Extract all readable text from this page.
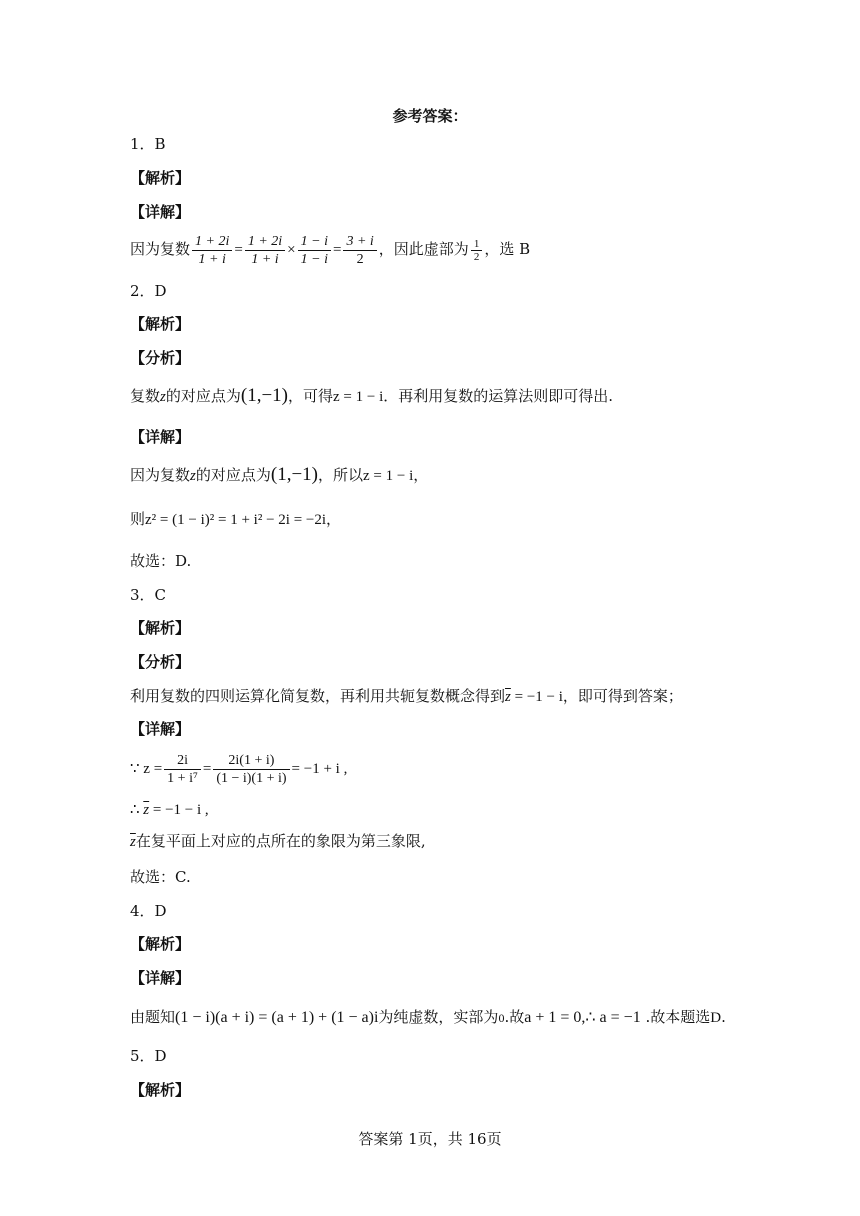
参考答案：
1．B
【解析】
【详解】
因为复数 $\frac{1 + 2i}{1 + i} = \frac{1 + 2i}{1 + i} \times \frac{1 - i}{1 - i} = \frac{3 + i}{2}$ ，因此虚部为 $\frac{1}{2}$ ，选 B
2．D
【解析】
【分析】
复数z的对应点为(1,−1)，可得z = 1 − i．再利用复数的运算法则即可得出.
【详解】
因为复数z的对应点为(1,−1)，所以z = 1 − i，
则z² = (1 − i)² = 1 + i² − 2i = −2i，
故选：D.
3．C
【解析】
【分析】
利用复数的四则运算化简复数，再利用共轭复数概念得到$\overline{z} = -1 - i$，即可得到答案；
【详解】
∵ $z = \frac{2i}{\text{1 + i⁷}} = \frac{2i(1 + i)}{(1 - i)(1 + i)} = -1 + i$ ,
∴ $\overline{z} = -1 - i$ ,
$\overline{z}$在复平面上对应的点所在的象限为第三象限,
故选：C.
4．D
【解析】
【详解】
由题知(1 − i)(a + i) = (a + 1) + (1 − a)i为纯虚数，实部为0.故a + 1 = 0,∴ a = −1 .故本题选D.
5．D
【解析】
答案第 1页，共 16页
